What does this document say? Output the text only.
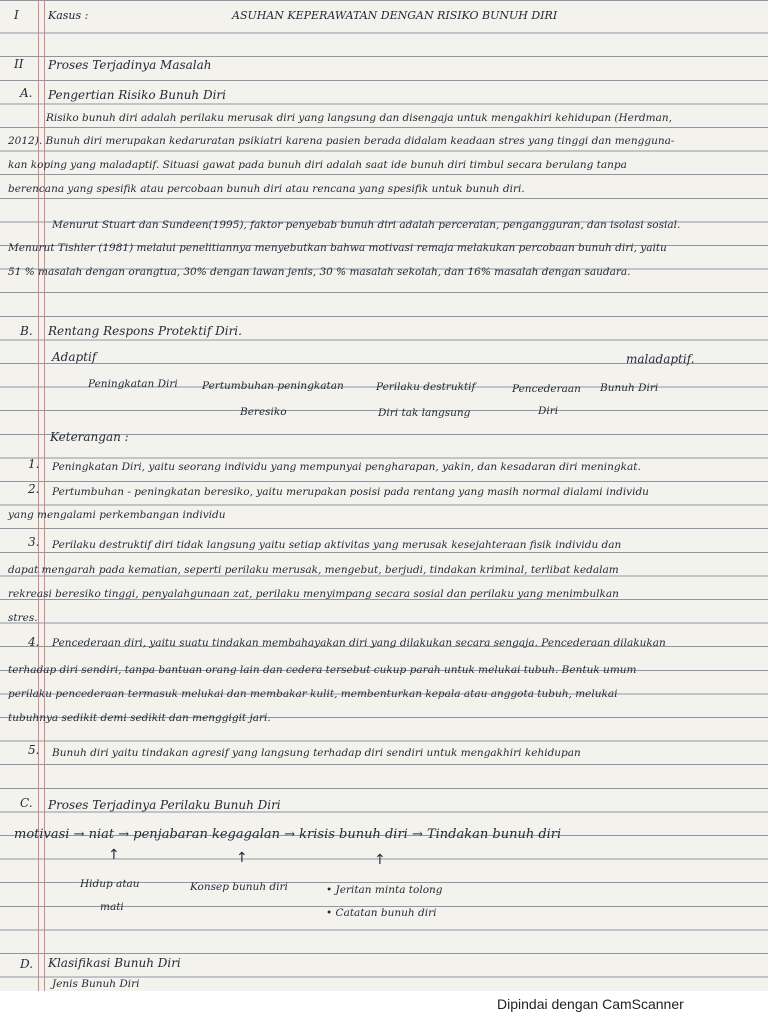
I	Kasus :	ASUHAN KEPERAWATAN DENGAN RISIKO BUNUH DIRI
II Proses Terjadinya Masalah
A. Pengertian Risiko Bunuh Diri
Risiko bunuh diri adalah perilaku merusak diri yang langsung dan disengaja untuk mengakhiri kehidupan (Herdman,
2012). Bunuh diri merupakan kedaruratan psikiatri karena pasien berada didalam keadaan stres yang tinggi dan mengguna-
kan koping yang maladaptif. Situasi gawat pada bunuh diri adalah saat ide bunuh diri timbul secara berulang tanpa
berencana yang spesifik atau percobaan bunuh diri atau rencana yang spesifik untuk bunuh diri.
Menurut Stuart dan Sundeen(1995), faktor penyebab bunuh diri adalah perceraian, pengangguran, dan isolasi sosial.
Menurut Tishler (1981) melalui penelitiannya menyebutkan bahwa motivasi remaja melakukan percobaan bunuh diri, yaitu
51 % masalah dengan orangtua, 30% dengan lawan jenis, 30 % masalah sekolah, dan 16% masalah dengan saudara.
B. Rentang Respons Protektif Diri.
Adaptif	maladaptif.
Peningkatan Diri Pertumbuhan peningkatan
Beresiko
Perilaku destruktif
Diri tak langsung
Pencederaan
Diri
Bunuh Diri
Keterangan :
1. Peningkatan Diri, yaitu seorang individu yang mempunyai pengharapan, yakin, dan kesadaran diri meningkat.
2. Pertumbuhan - peningkatan beresiko, yaitu merupakan posisi pada rentang yang masih normal dialami individu
yang mengalami perkembangan individu
3. Perilaku destruktif diri tidak langsung yaitu setiap aktivitas yang merusak kesejahteraan fisik individu dan
dapat mengarah pada kematian, seperti perilaku merusak, mengebut, berjudi, tindakan kriminal, terlibat kedalam
rekreasi beresiko tinggi, penyalahgunaan zat, perilaku menyimpang secara sosial dan perilaku yang menimbulkan
stres.
4. Pencederaan diri, yaitu suatu tindakan membahayakan diri yang dilakukan secara sengaja. Pencederaan dilakukan
terhadap diri sendiri, tanpa bantuan orang lain dan cedera tersebut cukup parah untuk melukai tubuh. Bentuk umum
perilaku pencederaan termasuk melukai dan membakar kulit, membenturkan kepala atau anggota tubuh, melukai
tubuhnya sedikit demi sedikit dan menggigit jari.
5. Bunuh diri yaitu tindakan agresif yang langsung terhadap diri sendiri untuk mengakhiri kehidupan
C. Proses Terjadinya Perilaku Bunuh Diri
motivasi → niat → penjabaran kegagalan → krisis bunuh diri → Tindakan bunuh diri
↑	↑	↑
Hidup atau
mati
Konsep bunuh diri	• Jeritan minta tolong
• Catatan bunuh diri
D. Klasifikasi Bunuh Diri
Jenis Bunuh Diri
Dipindai dengan CamScanner
